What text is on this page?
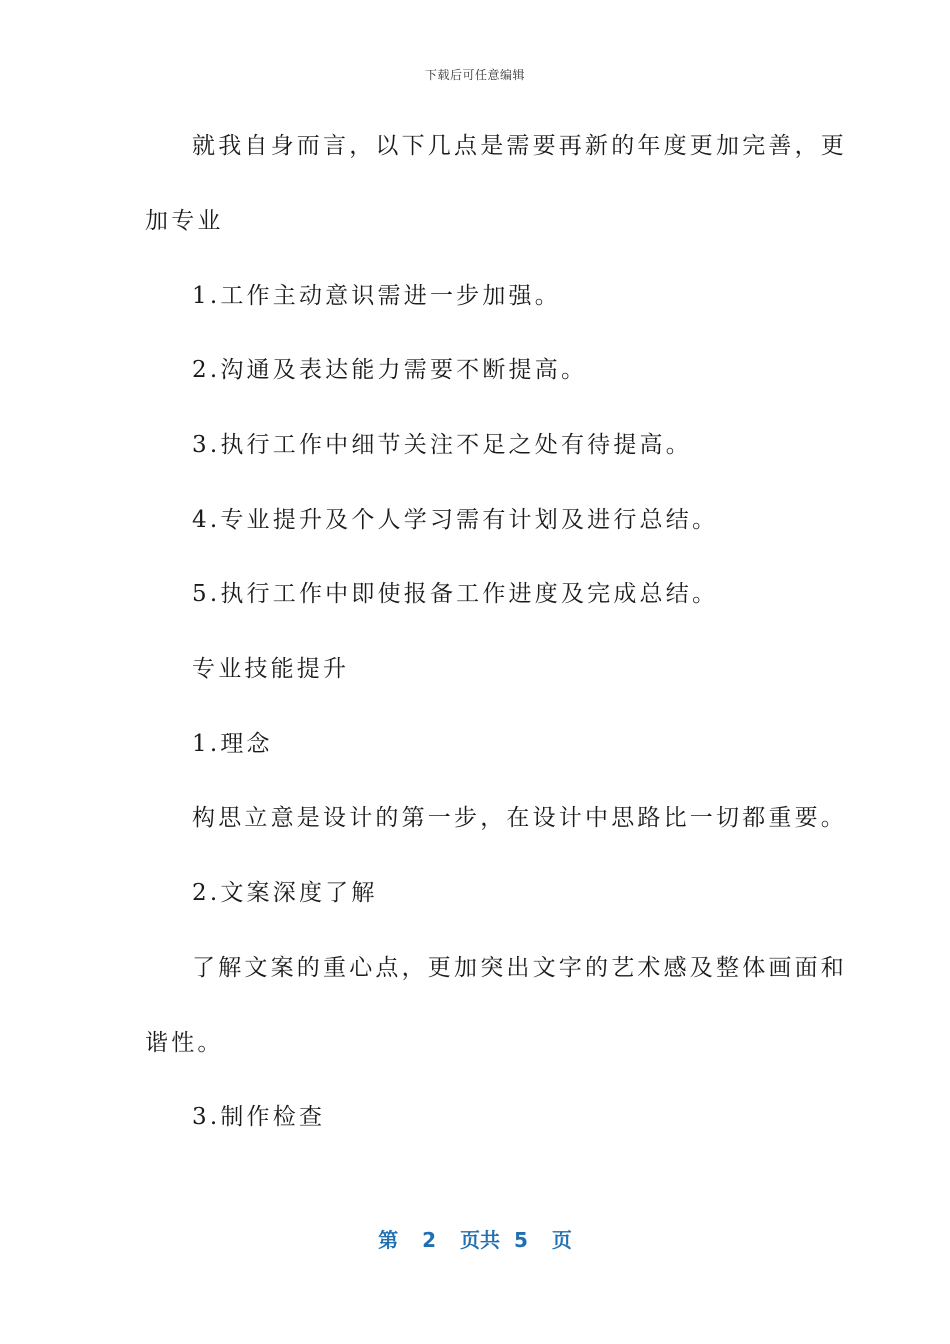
下载后可任意编辑
就我自身而言，以下几点是需要再新的年度更加完善，更
加专业
1.工作主动意识需进一步加强。
2.沟通及表达能力需要不断提高。
3.执行工作中细节关注不足之处有待提高。
4.专业提升及个人学习需有计划及进行总结。
5.执行工作中即使报备工作进度及完成总结。
专业技能提升
1.理念
构思立意是设计的第一步，在设计中思路比一切都重要。
2.文案深度了解
了解文案的重心点，更加突出文字的艺术感及整体画面和
谐性。
3.制作检查
第 2 页共 5 页
